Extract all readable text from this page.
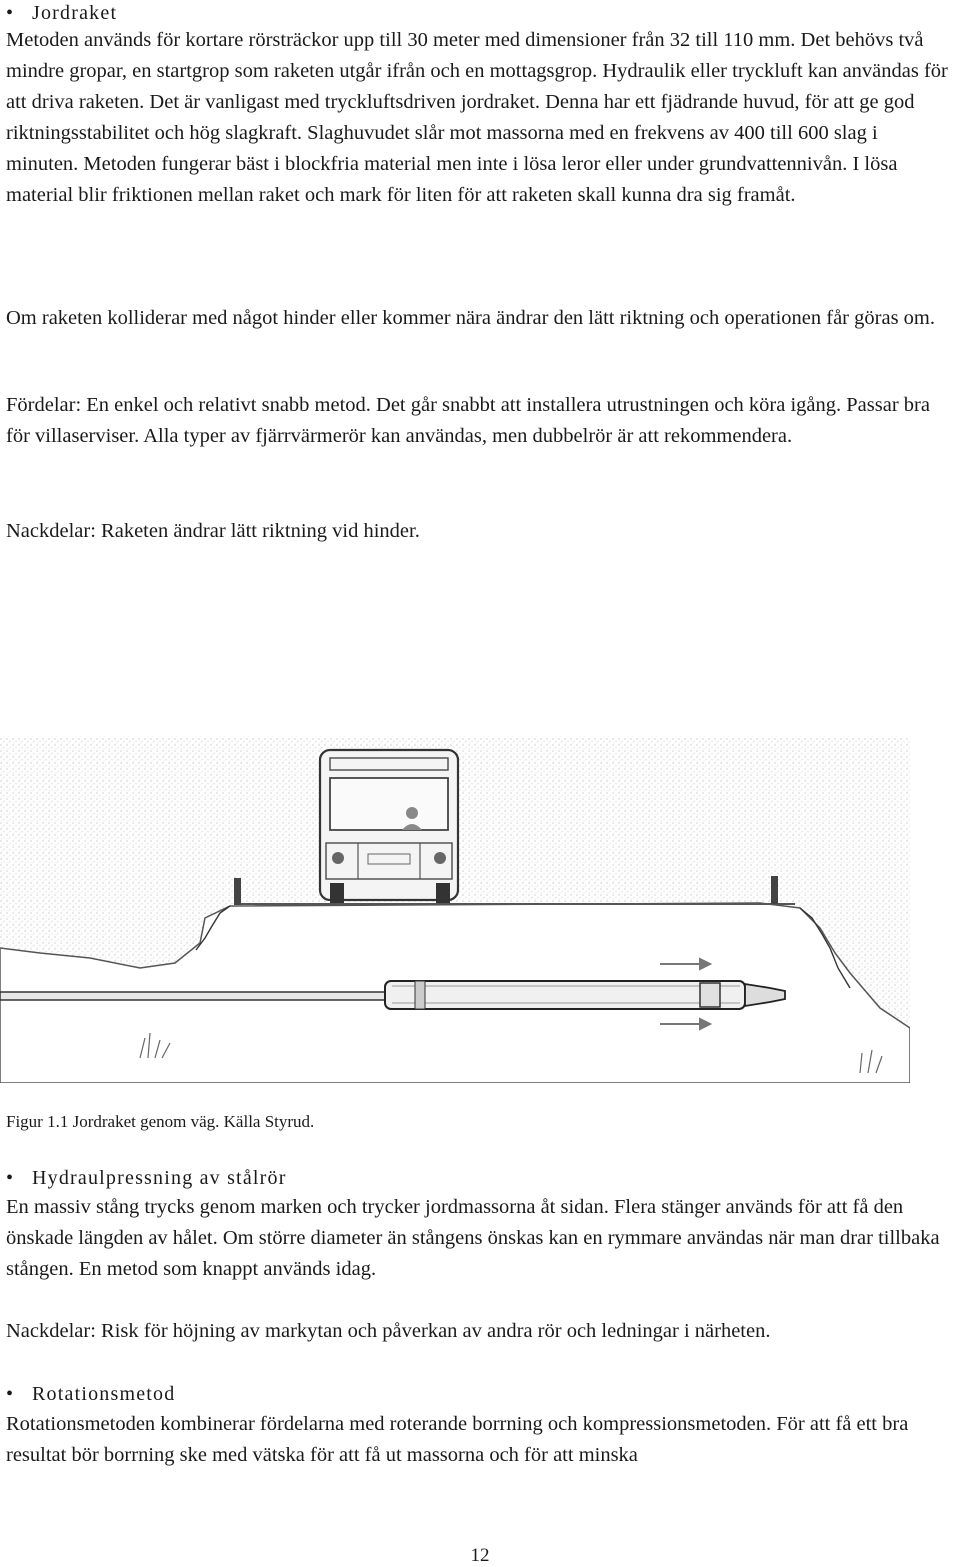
• Jordraket
Metoden används för kortare rörsträckor upp till 30 meter med dimensioner från 32 till 110 mm. Det behövs två mindre gropar, en startgrop som raketen utgår ifrån och en mottagsgrop. Hydraulik eller tryckluft kan användas för att driva raketen. Det är vanligast med tryckluftsdriven jordraket. Denna har ett fjädrande huvud, för att ge god riktningsstabilitet och hög slagkraft. Slaghuvudet slår mot massorna med en frekvens av 400 till 600 slag i minuten. Metoden fungerar bäst i blockfria material men inte i lösa leror eller under grundvattennivån. I lösa material blir friktionen mellan raket och mark för liten för att raketen skall kunna dra sig framåt.
Om raketen kolliderar med något hinder eller kommer nära ändrar den lätt riktning och operationen får göras om.
Fördelar: En enkel och relativt snabb metod. Det går snabbt att installera utrustningen och köra igång. Passar bra för villaserviser. Alla typer av fjärrvärmerör kan användas, men dubbelrör är att rekommendera.
Nackdelar: Raketen ändrar lätt riktning vid hinder.
Figur 1.1 Jordraket genom väg. Källa Styrud.
• Hydraulpressning av stålrör
En massiv stång trycks genom marken och trycker jordmassorna åt sidan. Flera stänger används för att få den önskade längden av hålet. Om större diameter än stångens önskas kan en rymmare användas när man drar tillbaka stången. En metod som knappt används idag.
Nackdelar: Risk för höjning av markytan och påverkan av andra rör och ledningar i närheten.
• Rotationsmetod
Rotationsmetoden kombinerar fördelarna med roterande borrning och kompressionsmetoden. För att få ett bra resultat bör borrning ske med vätska för att få ut massorna och för att minska
12
